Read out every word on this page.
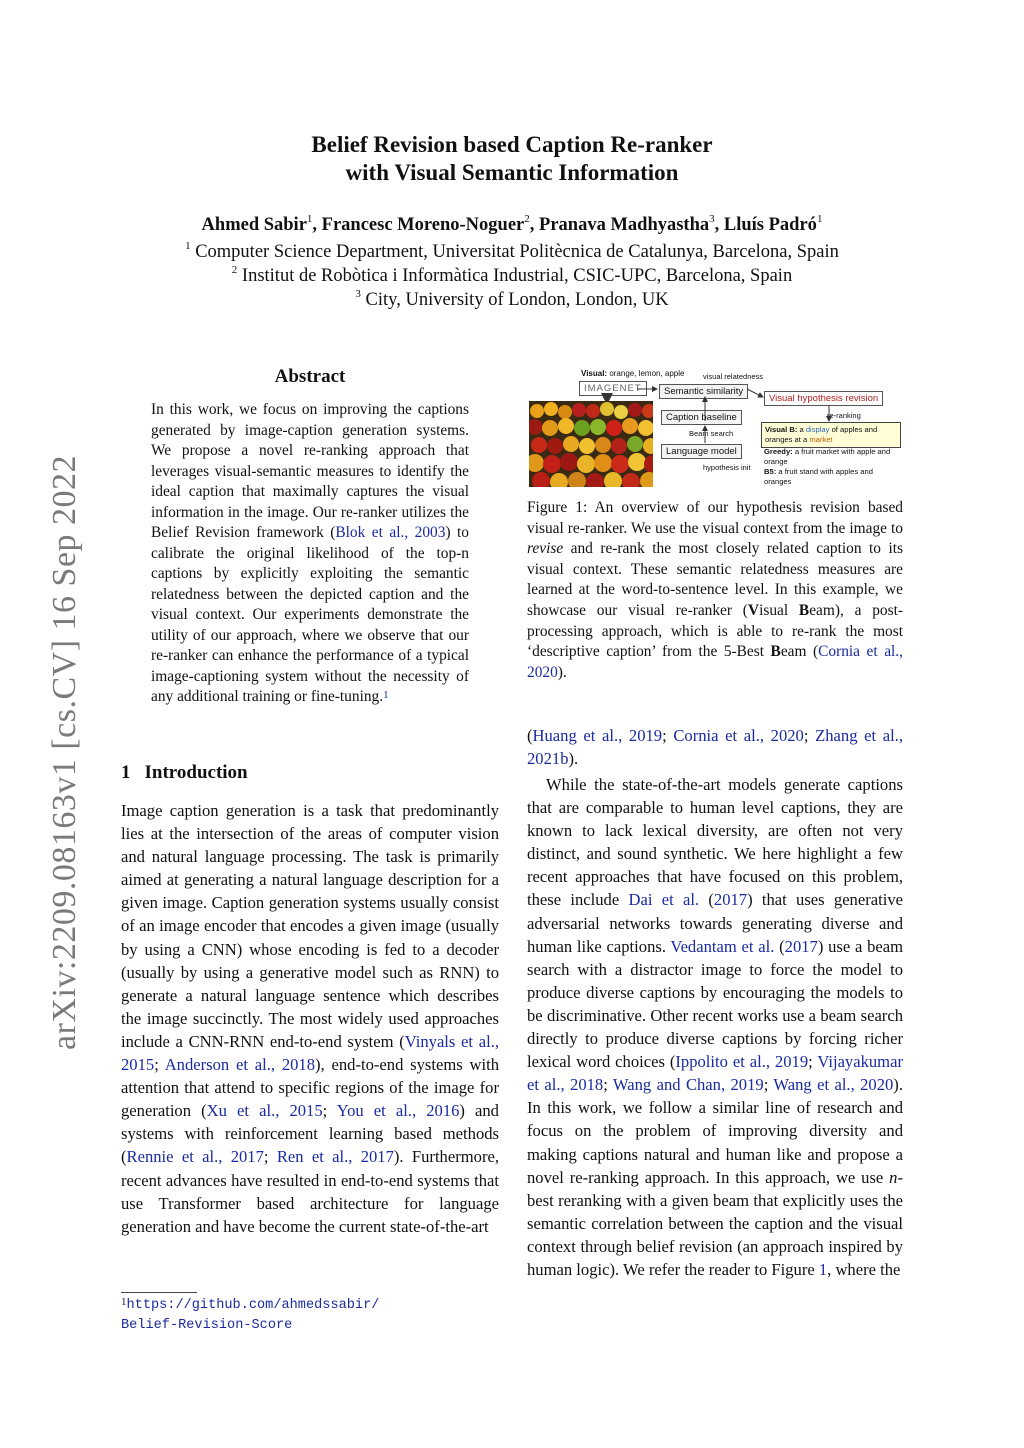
arXiv:2209.08163v1 [cs.CV] 16 Sep 2022
Belief Revision based Caption Re-ranker
with Visual Semantic Information
Ahmed Sabir$^1$, Francesc Moreno-Noguer$^2$, Pranava Madhyastha$^3$, Lluís Padró$^1$
$^1$ Computer Science Department, Universitat Politècnica de Catalunya, Barcelona, Spain
$^2$ Institut de Robòtica i Informàtica Industrial, CSIC-UPC, Barcelona, Spain
$^3$ City, University of London, London, UK
Abstract
In this work, we focus on improving the captions generated by image-caption generation systems. We propose a novel re-ranking approach that leverages visual-semantic measures to identify the ideal caption that maximally captures the visual information in the image. Our re-ranker utilizes the Belief Revision framework (Blok et al., 2003) to calibrate the original likelihood of the top-n captions by explicitly exploiting the semantic relatedness between the depicted caption and the visual context. Our experiments demonstrate the utility of our approach, where we observe that our re-ranker can enhance the performance of a typical image-captioning system without the necessity of any additional training or fine-tuning.$^1$
1 Introduction
Image caption generation is a task that predominantly lies at the intersection of the areas of computer vision and natural language processing. The task is primarily aimed at generating a natural language description for a given image. Caption generation systems usually consist of an image encoder that encodes a given image (usually by using a CNN) whose encoding is fed to a decoder (usually by using a generative model such as RNN) to generate a natural language sentence which describes the image succinctly. The most widely used approaches include a CNN-RNN end-to-end system (Vinyals et al., 2015; Anderson et al., 2018), end-to-end systems with attention that attend to specific regions of the image for generation (Xu et al., 2015; You et al., 2016) and systems with reinforcement learning based methods (Rennie et al., 2017; Ren et al., 2017). Furthermore, recent advances have resulted in end-to-end systems that use Transformer based architecture for language generation and have become the current state-of-the-art
$^1$https://github.com/ahmedssabir/
Belief-Revision-Score
Visual: orange, lemon, apple visual relatedness
IMAGENET	Semantic similarity
Caption baseline
Beam search
Language model
hypothesis init
Visual hypothesis revision
re-ranking
Visual B: a display of apples and oranges at a market
Greedy: a fruit market with apple and orange
B5: a fruit stand with apples and oranges
Figure 1: An overview of our hypothesis revision based visual re-ranker. We use the visual context from the image to revise and re-rank the most closely related caption to its visual context. These semantic relatedness measures are learned at the word-to-sentence level. In this example, we showcase our visual re-ranker (Visual Beam), a post-processing approach, which is able to re-rank the most ‘descriptive caption’ from the 5-Best Beam (Cornia et al., 2020).
(Huang et al., 2019; Cornia et al., 2020; Zhang et al., 2021b).
While the state-of-the-art models generate captions that are comparable to human level captions, they are known to lack lexical diversity, are often not very distinct, and sound synthetic. We here highlight a few recent approaches that have focused on this problem, these include Dai et al. (2017) that uses generative adversarial networks towards generating diverse and human like captions. Vedantam et al. (2017) use a beam search with a distractor image to force the model to produce diverse captions by encouraging the models to be discriminative. Other recent works use a beam search directly to produce diverse captions by forcing richer lexical word choices (Ippolito et al., 2019; Vijayakumar et al., 2018; Wang and Chan, 2019; Wang et al., 2020). In this work, we follow a similar line of research and focus on the problem of improving diversity and making captions natural and human like and propose a novel re-ranking approach. In this approach, we use n-best reranking with a given beam that explicitly uses the semantic correlation between the caption and the visual context through belief revision (an approach inspired by human logic). We refer the reader to Figure 1, where the
